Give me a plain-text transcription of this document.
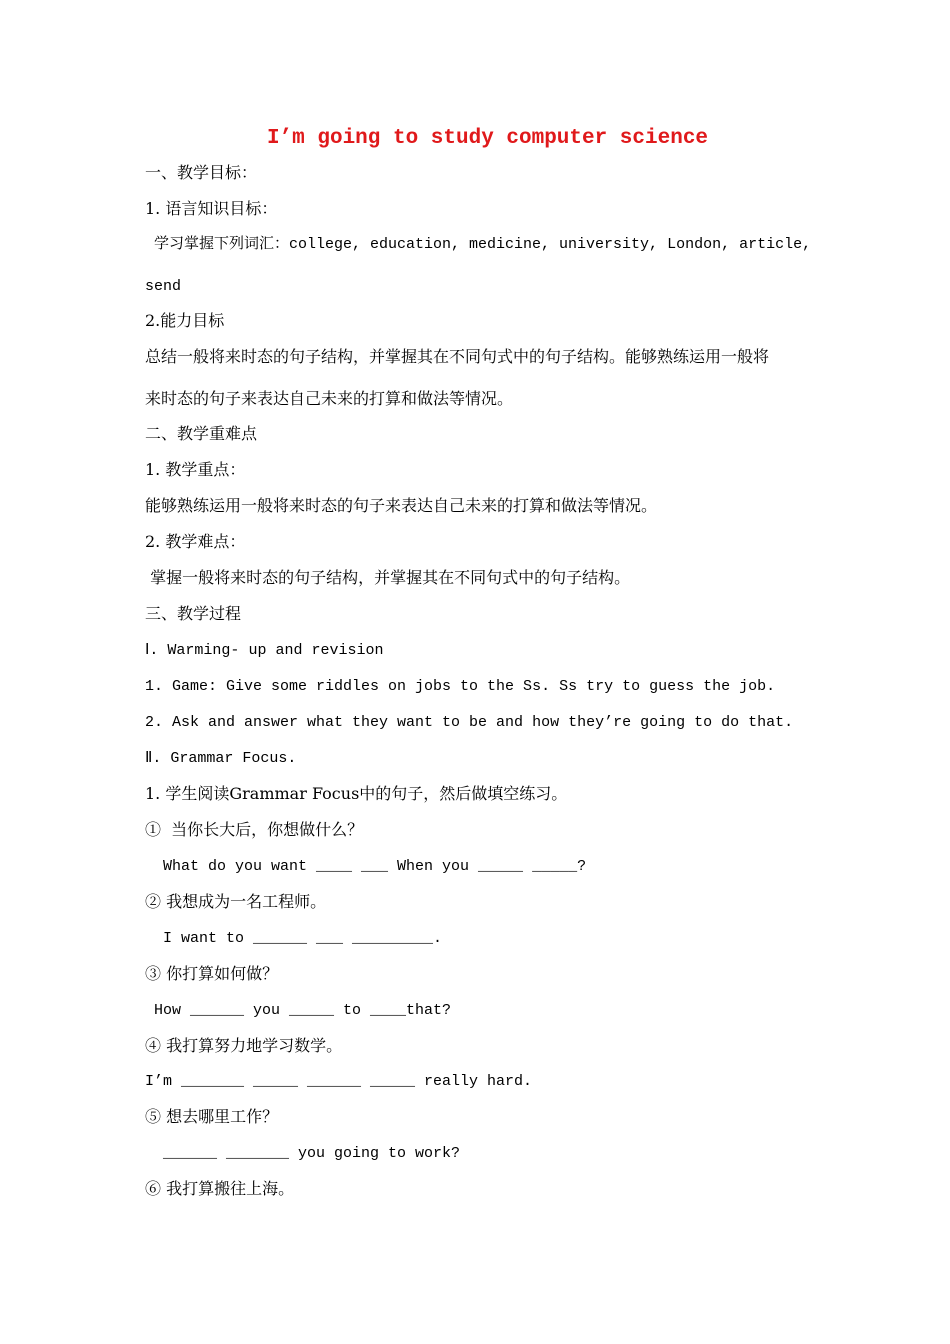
I’m going to study computer science
一、教学目标：
1. 语言知识目标：
学习掌握下列词汇：college, education, medicine, university, London, article,
send
2.能力目标
总结一般将来时态的句子结构，并掌握其在不同句式中的句子结构。能够熟练运用一般将
来时态的句子来表达自己未来的打算和做法等情况。
二、教学重难点
1. 教学重点：
能够熟练运用一般将来时态的句子来表达自己未来的打算和做法等情况。
2. 教学难点：
掌握一般将来时态的句子结构，并掌握其在不同句式中的句子结构。
三、教学过程
Ⅰ. Warming- up and revision
1. Game: Give some riddles on jobs to the Ss. Ss try to guess the job.
2. Ask and answer what they want to be and how they’re going to do that.
Ⅱ. Grammar Focus.
1. 学生阅读Grammar Focus中的句子，然后做填空练习。
①  当你长大后，你想做什么？
What do you want ____ ___ When you _____ _____?
② 我想成为一名工程师。
I want to ______ ___ _________.
③ 你打算如何做？
How ______ you _____ to ____that?
④ 我打算努力地学习数学。
I’m _______ _____ ______ _____ really hard.
⑤ 想去哪里工作？
______ _______ you going to work?
⑥ 我打算搬往上海。
